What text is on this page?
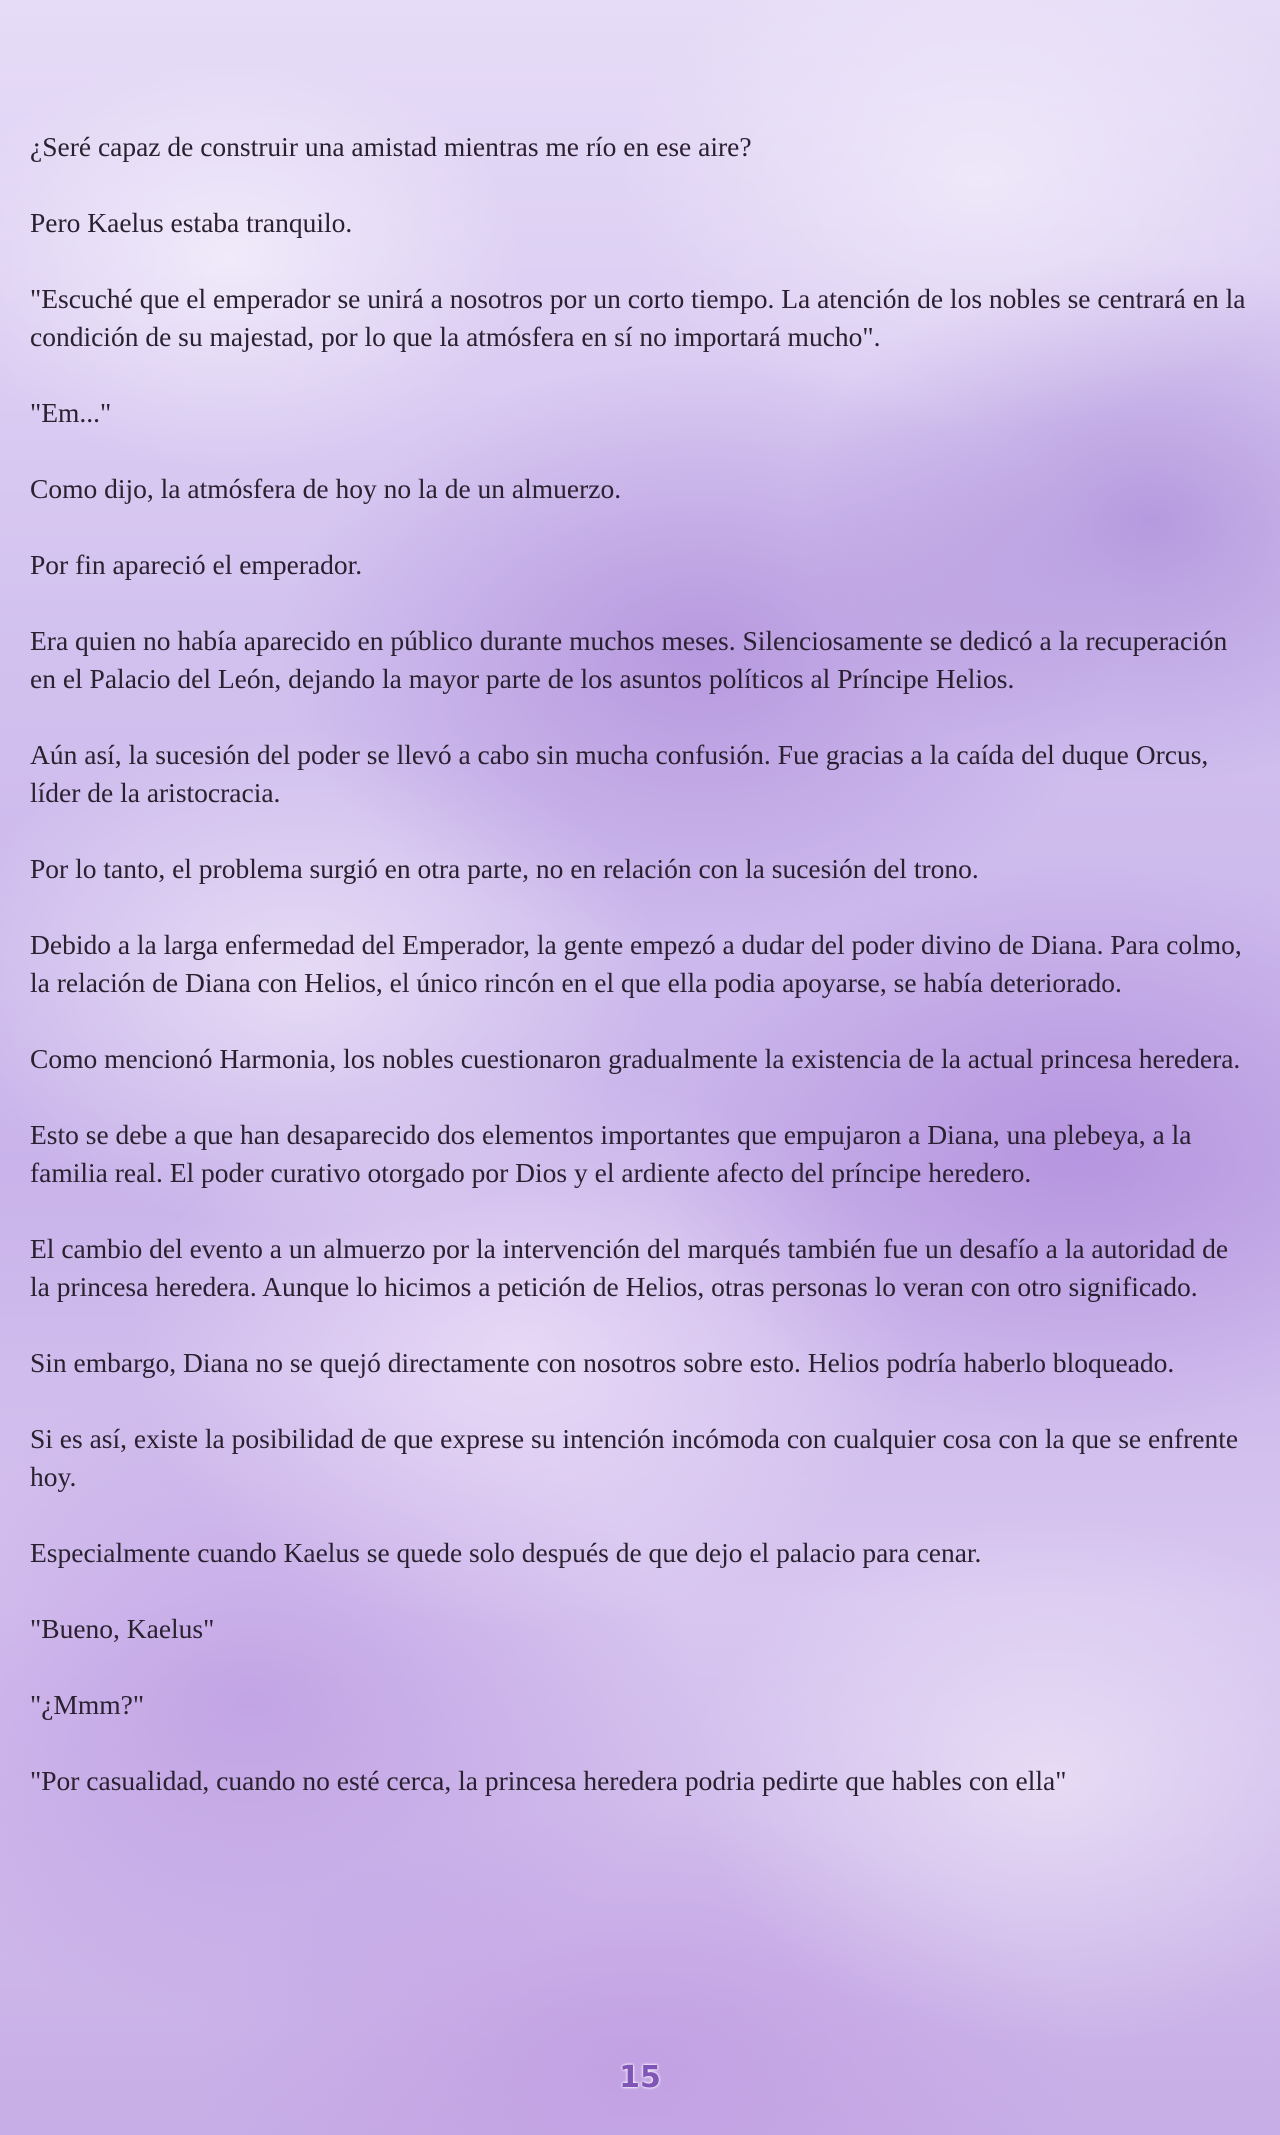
¿Seré capaz de construir una amistad mientras me río en ese aire?

Pero Kaelus estaba tranquilo.

"Escuché que el emperador se unirá a nosotros por un corto tiempo. La atención de los nobles se centrará en la condición de su majestad, por lo que la atmósfera en sí no importará mucho".

"Em..."

Como dijo, la atmósfera de hoy no la de un almuerzo.

Por fin apareció el emperador.

Era quien no había aparecido en público durante muchos meses. Silenciosamente se dedicó a la recuperación en el Palacio del León, dejando la mayor parte de los asuntos políticos al Príncipe Helios.

Aún así, la sucesión del poder se llevó a cabo sin mucha confusión. Fue gracias a la caída del duque Orcus, líder de la aristocracia.

Por lo tanto, el problema surgió en otra parte, no en relación con la sucesión del trono.

Debido a la larga enfermedad del Emperador, la gente empezó a dudar del poder divino de Diana. Para colmo, la relación de Diana con Helios, el único rincón en el que ella podia apoyarse, se había deteriorado.

Como mencionó Harmonia, los nobles cuestionaron gradualmente la existencia de la actual princesa heredera.

Esto se debe a que han desaparecido dos elementos importantes que empujaron a Diana, una plebeya, a la familia real. El poder curativo otorgado por Dios y el ardiente afecto del príncipe heredero.

El cambio del evento a un almuerzo por la intervención del marqués también fue un desafío a la autoridad de la princesa heredera. Aunque lo hicimos a petición de Helios, otras personas lo veran con otro significado.

Sin embargo, Diana no se quejó directamente con nosotros sobre esto. Helios podría haberlo bloqueado.

Si es así, existe la posibilidad de que exprese su intención incómoda con cualquier cosa con la que se enfrente hoy.

Especialmente cuando Kaelus se quede solo después de que dejo el palacio para cenar.

"Bueno, Kaelus"

"¿Mmm?"

"Por casualidad, cuando no esté cerca, la princesa heredera podria pedirte que hables con ella"

15
